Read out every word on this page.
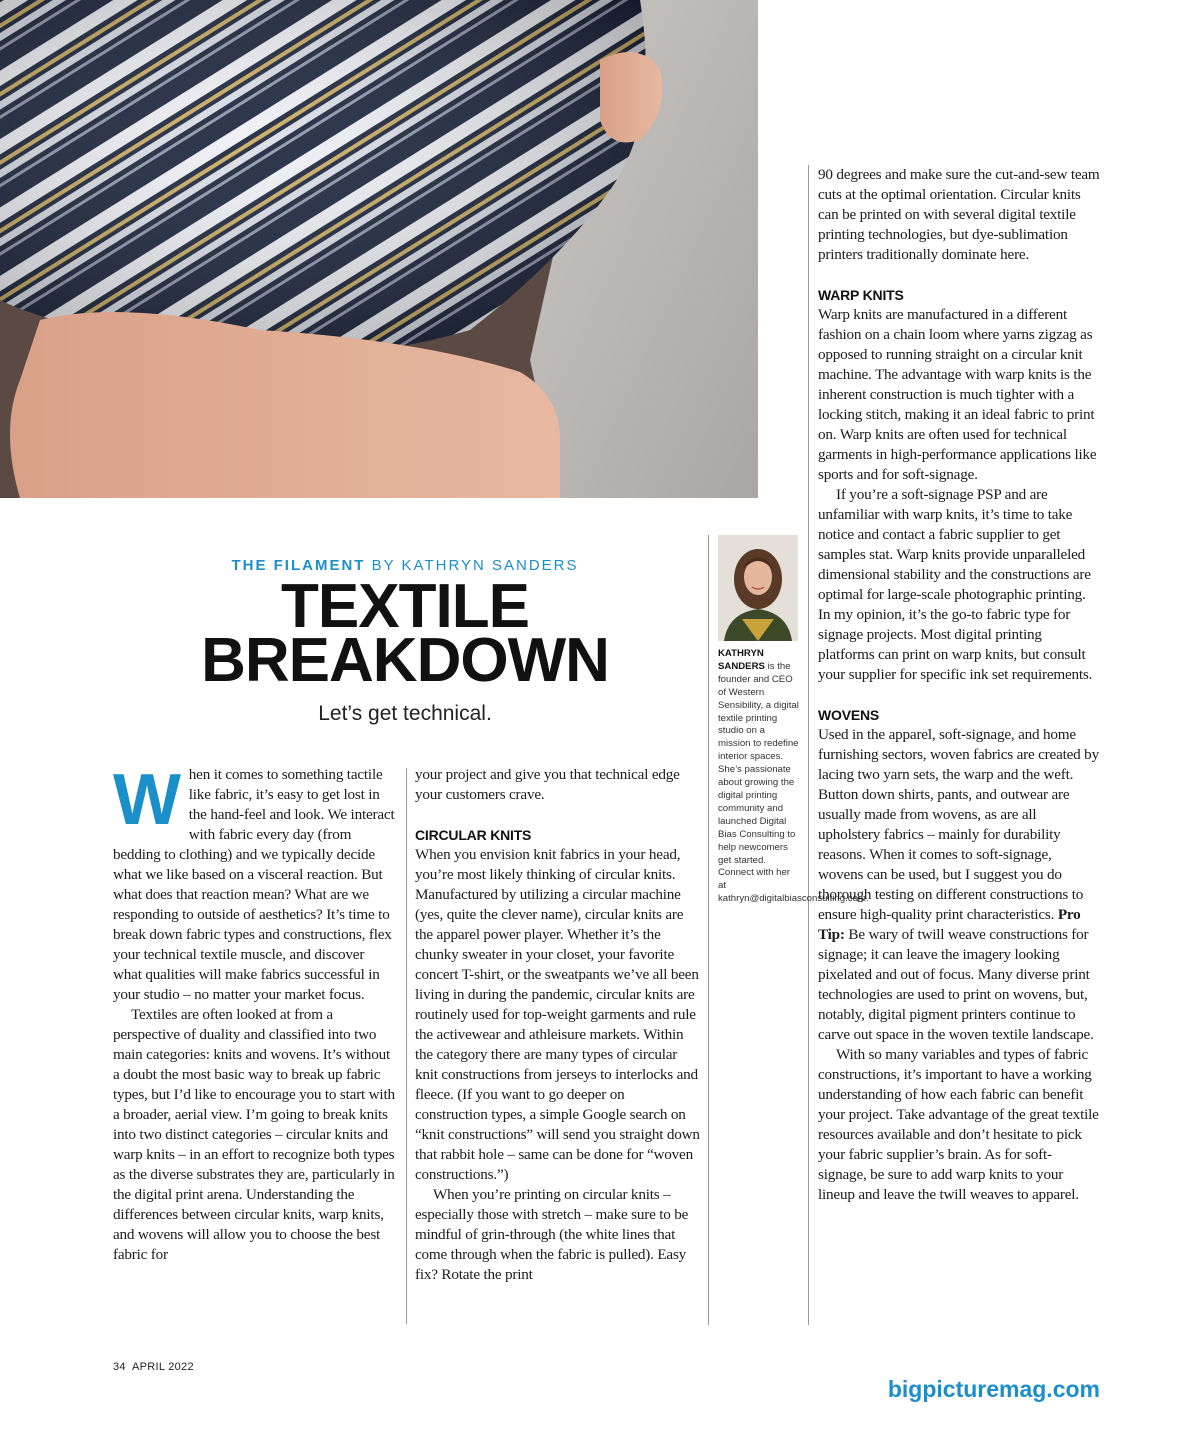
THE FILAMENT BY KATHRYN SANDERS
TEXTILE
BREAKDOWN
Let’s get technical.

When it comes to something tactile like fabric, it’s easy to get lost in the hand-feel and look. We interact with fabric every day (from bedding to clothing) and we typically decide what we like based on a visceral reaction. But what does that reaction mean? What are we responding to outside of aesthetics? It’s time to break down fabric types and constructions, flex your technical textile muscle, and discover what qualities will make fabrics successful in your studio – no matter your market focus.

Textiles are often looked at from a perspective of duality and classified into two main categories: knits and wovens. It’s without a doubt the most basic way to break up fabric types, but I’d like to encourage you to start with a broader, aerial view. I’m going to break knits into two distinct categories – circular knits and warp knits – in an effort to recognize both types as the diverse substrates they are, particularly in the digital print arena. Understanding the differences between circular knits, warp knits, and wovens will allow you to choose the best fabric for

your project and give you that technical edge your customers crave.

CIRCULAR KNITS

When you envision knit fabrics in your head, you’re most likely thinking of circular knits. Manufactured by utilizing a circular machine (yes, quite the clever name), circular knits are the apparel power player. Whether it’s the chunky sweater in your closet, your favorite concert T-shirt, or the sweatpants we’ve all been living in during the pandemic, circular knits are routinely used for top-weight garments and rule the activewear and athleisure markets. Within the category there are many types of circular knit constructions from jerseys to interlocks and fleece. (If you want to go deeper on construction types, a simple Google search on “knit constructions” will send you straight down that rabbit hole – same can be done for “woven constructions.”)

When you’re printing on circular knits – especially those with stretch – make sure to be mindful of grin-through (the white lines that come through when the fabric is pulled). Easy fix? Rotate the print

KATHRYN SANDERS is the founder and CEO of Western Sensibility, a digital textile printing studio on a mission to redefine interior spaces. She’s passionate about growing the digital printing community and launched Digital Bias Consulting to help newcomers get started. Connect with her at kathryn@digitalbiasconsulting.com.

90 degrees and make sure the cut-and-sew team cuts at the optimal orientation. Circular knits can be printed on with several digital textile printing technologies, but dye-sublimation printers traditionally dominate here.

WARP KNITS

Warp knits are manufactured in a different fashion on a chain loom where yarns zigzag as opposed to running straight on a circular knit machine. The advantage with warp knits is the inherent construction is much tighter with a locking stitch, making it an ideal fabric to print on. Warp knits are often used for technical garments in high-performance applications like sports and for soft-signage.

If you’re a soft-signage PSP and are unfamiliar with warp knits, it’s time to take notice and contact a fabric supplier to get samples stat. Warp knits provide unparalleled dimensional stability and the constructions are optimal for large-scale photographic printing. In my opinion, it’s the go-to fabric type for signage projects. Most digital printing platforms can print on warp knits, but consult your supplier for specific ink set requirements.

WOVENS

Used in the apparel, soft-signage, and home furnishing sectors, woven fabrics are created by lacing two yarn sets, the warp and the weft. Button down shirts, pants, and outwear are usually made from wovens, as are all upholstery fabrics – mainly for durability reasons. When it comes to soft-signage, wovens can be used, but I suggest you do thorough testing on different constructions to ensure high-quality print characteristics. Pro Tip: Be wary of twill weave constructions for signage; it can leave the imagery looking pixelated and out of focus. Many diverse print technologies are used to print on wovens, but, notably, digital pigment printers continue to carve out space in the woven textile landscape.

With so many variables and types of fabric constructions, it’s important to have a working understanding of how each fabric can benefit your project. Take advantage of the great textile resources available and don’t hesitate to pick your fabric supplier’s brain. As for soft-signage, be sure to add warp knits to your lineup and leave the twill weaves to apparel.

34 APRIL 2022
bigpicturemag.com
